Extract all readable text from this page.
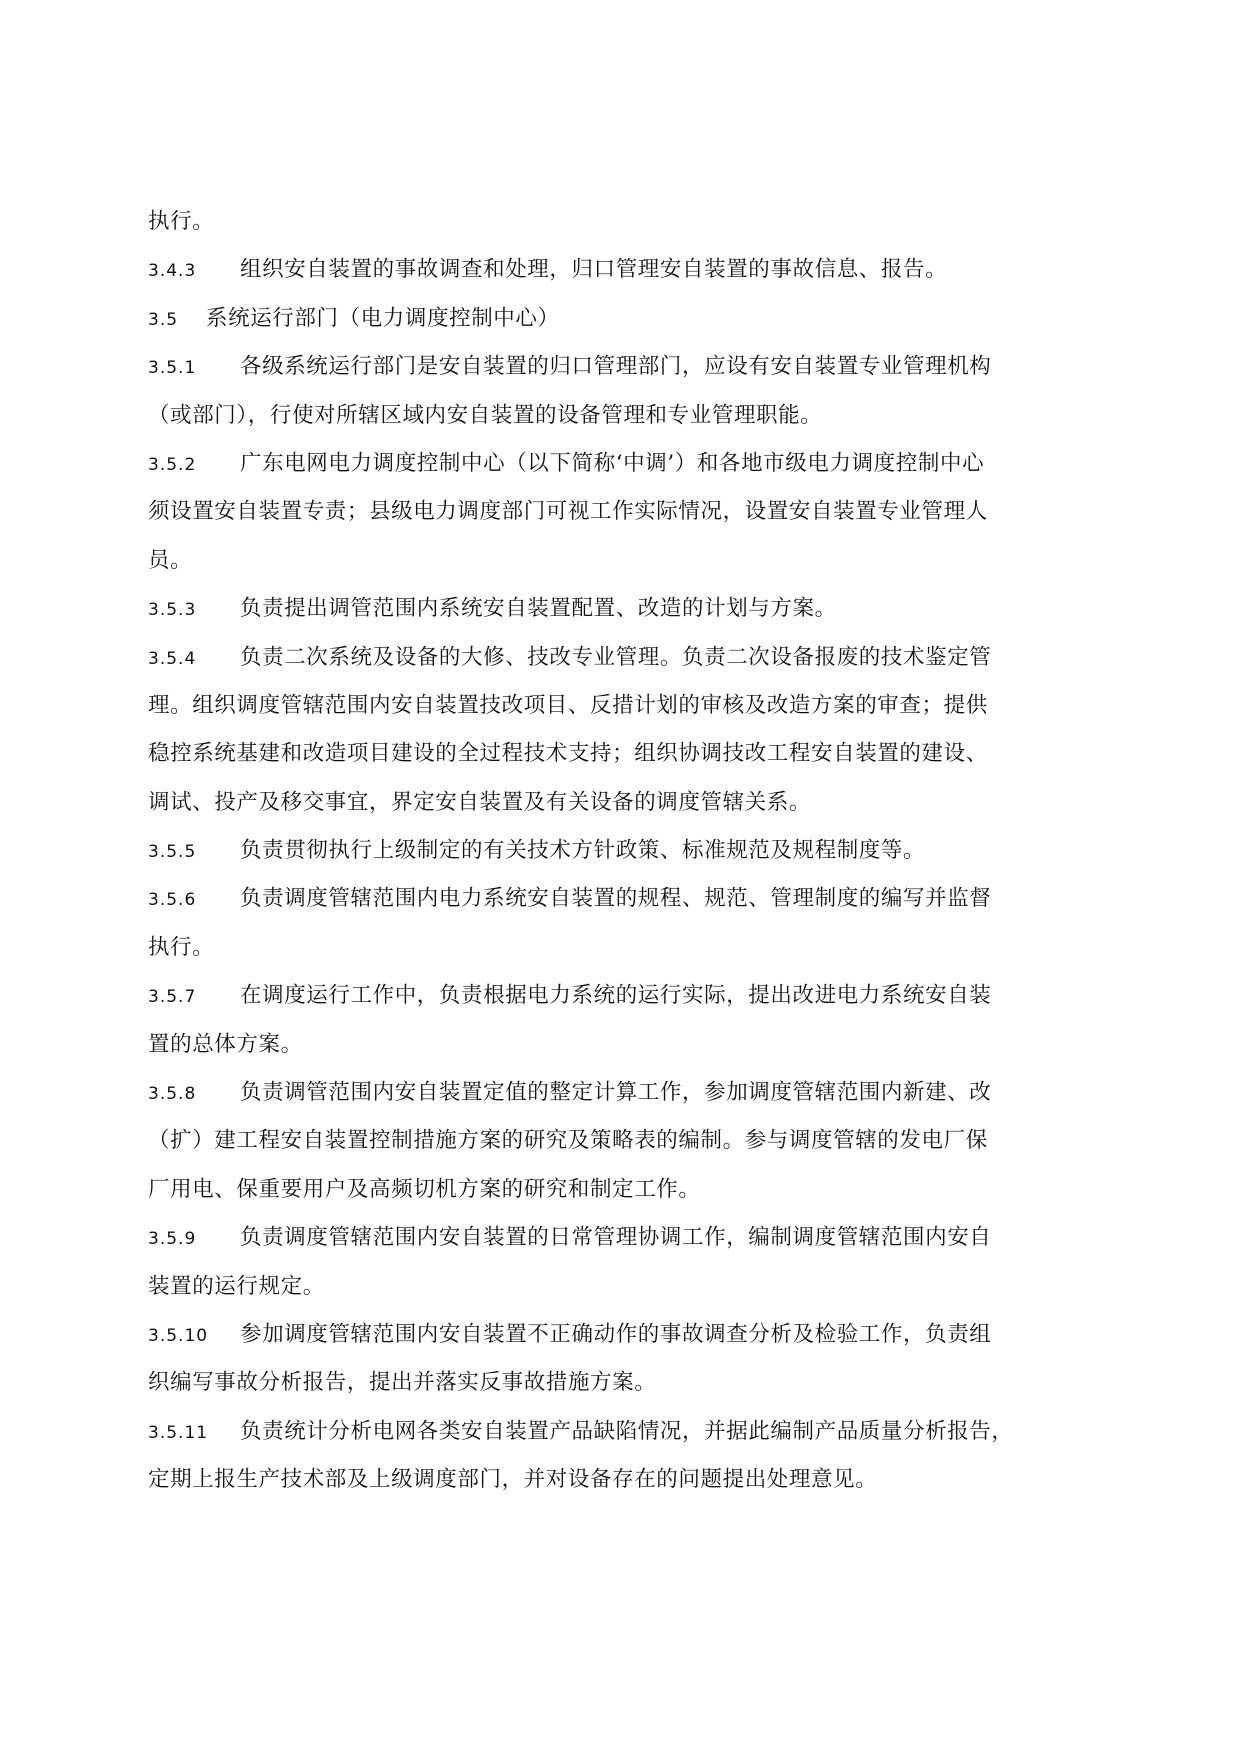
执行。
3.4.3 组织安自装置的事故调查和处理，归口管理安自装置的事故信息、报告。
3.5 系统运行部门（电力调度控制中心）
3.5.1 各级系统运行部门是安自装置的归口管理部门，应设有安自装置专业管理机构
（或部门），行使对所辖区域内安自装置的设备管理和专业管理职能。
3.5.2 广东电网电力调度控制中心（以下简称‘中调’）和各地市级电力调度控制中心
须设置安自装置专责；县级电力调度部门可视工作实际情况，设置安自装置专业管理人
员。
3.5.3 负责提出调管范围内系统安自装置配置、改造的计划与方案。
3.5.4 负责二次系统及设备的大修、技改专业管理。负责二次设备报废的技术鉴定管
理。组织调度管辖范围内安自装置技改项目、反措计划的审核及改造方案的审查；提供
稳控系统基建和改造项目建设的全过程技术支持；组织协调技改工程安自装置的建设、
调试、投产及移交事宜，界定安自装置及有关设备的调度管辖关系。
3.5.5 负责贯彻执行上级制定的有关技术方针政策、标准规范及规程制度等。
3.5.6 负责调度管辖范围内电力系统安自装置的规程、规范、管理制度的编写并监督
执行。
3.5.7 在调度运行工作中，负责根据电力系统的运行实际，提出改进电力系统安自装
置的总体方案。
3.5.8 负责调管范围内安自装置定值的整定计算工作，参加调度管辖范围内新建、改
（扩）建工程安自装置控制措施方案的研究及策略表的编制。参与调度管辖的发电厂保
厂用电、保重要用户及高频切机方案的研究和制定工作。
3.5.9 负责调度管辖范围内安自装置的日常管理协调工作，编制调度管辖范围内安自
装置的运行规定。
3.5.10 参加调度管辖范围内安自装置不正确动作的事故调查分析及检验工作，负责组
织编写事故分析报告，提出并落实反事故措施方案。
3.5.11 负责统计分析电网各类安自装置产品缺陷情况，并据此编制产品质量分析报告，
定期上报生产技术部及上级调度部门，并对设备存在的问题提出处理意见。
